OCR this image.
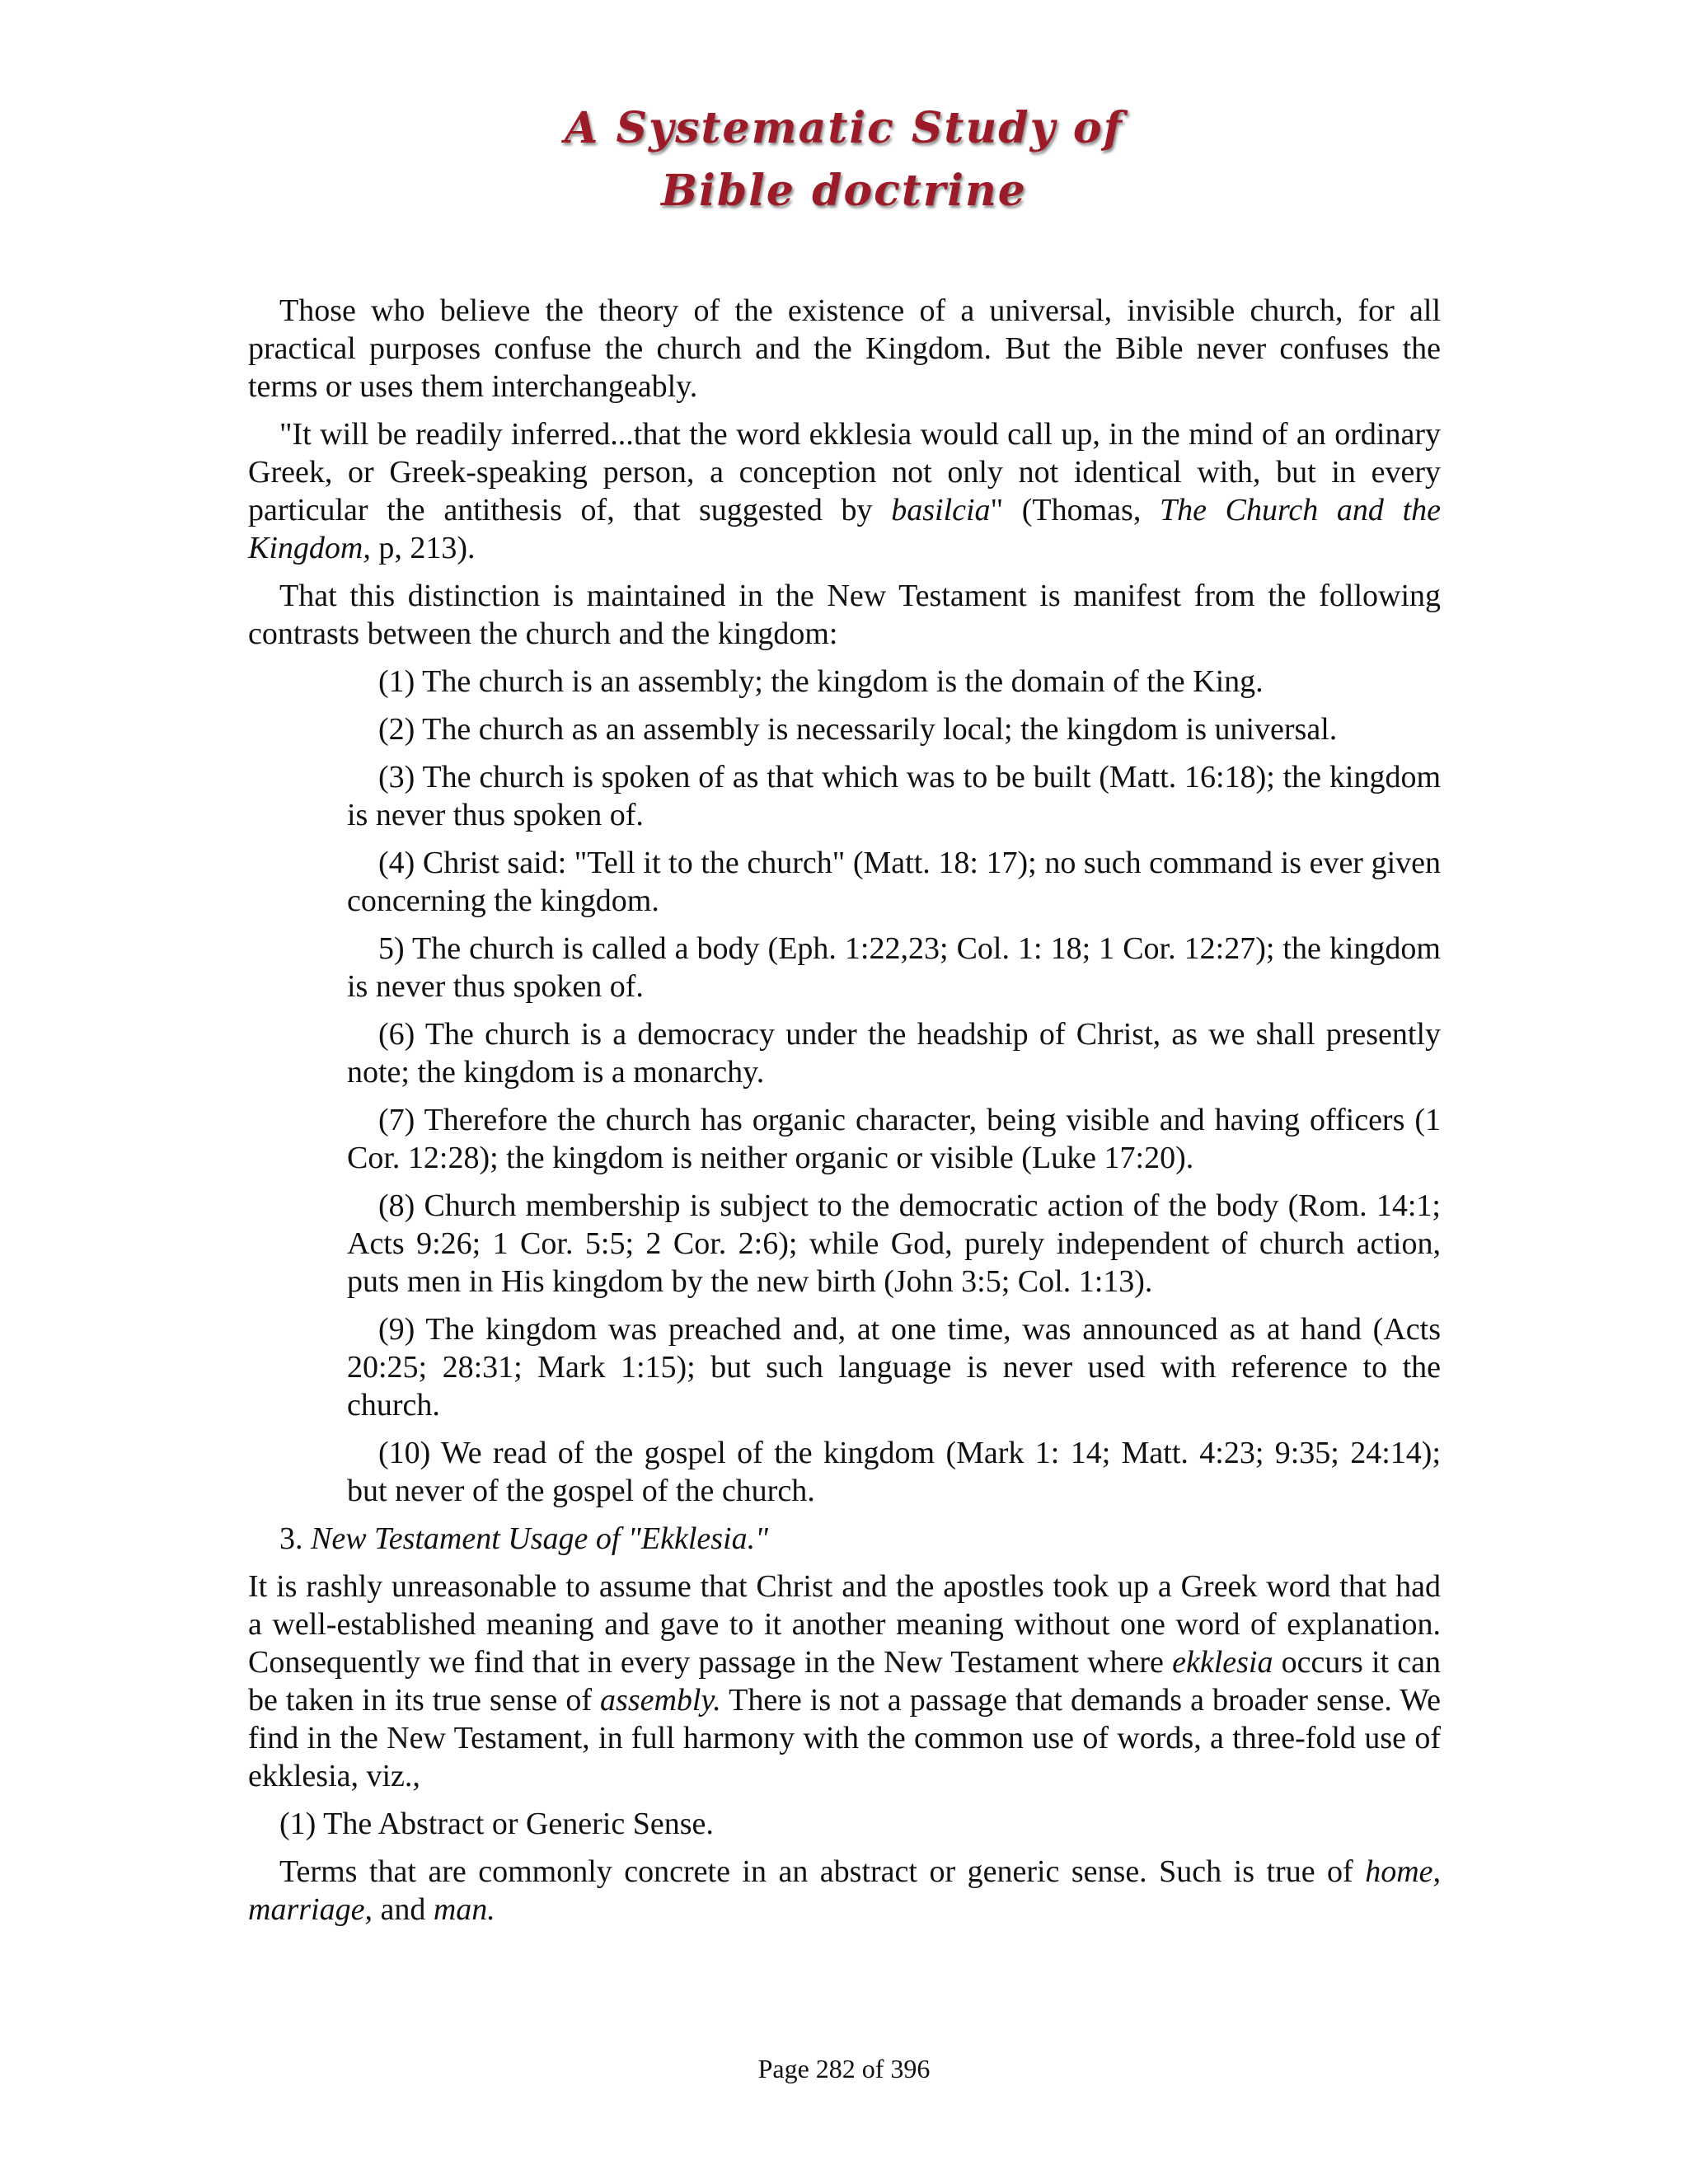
A Systematic Study of
Bible doctrine

Those who believe the theory of the existence of a universal, invisible church, for all practical purposes confuse the church and the Kingdom. But the Bible never confuses the terms or uses them interchangeably.

"It will be readily inferred...that the word ekklesia would call up, in the mind of an ordinary Greek, or Greek-speaking person, a conception not only not identical with, but in every particular the antithesis of, that suggested by basilcia" (Thomas, The Church and the Kingdom, p, 213).

That this distinction is maintained in the New Testament is manifest from the following contrasts between the church and the kingdom:

(1) The church is an assembly; the kingdom is the domain of the King.

(2) The church as an assembly is necessarily local; the kingdom is universal.

(3) The church is spoken of as that which was to be built (Matt. 16:18); the kingdom is never thus spoken of.

(4) Christ said: "Tell it to the church" (Matt. 18: 17); no such command is ever given concerning the kingdom.

5) The church is called a body (Eph. 1:22,23; Col. 1: 18; 1 Cor. 12:27); the kingdom is never thus spoken of.

(6) The church is a democracy under the headship of Christ, as we shall presently note; the kingdom is a monarchy.

(7) Therefore the church has organic character, being visible and having officers (1 Cor. 12:28); the kingdom is neither organic or visible (Luke 17:20).

(8) Church membership is subject to the democratic action of the body (Rom. 14:1; Acts 9:26; 1 Cor. 5:5; 2 Cor. 2:6); while God, purely independent of church action, puts men in His kingdom by the new birth (John 3:5; Col. 1:13).

(9) The kingdom was preached and, at one time, was announced as at hand (Acts 20:25; 28:31; Mark 1:15); but such language is never used with reference to the church.

(10) We read of the gospel of the kingdom (Mark 1: 14; Matt. 4:23; 9:35; 24:14); but never of the gospel of the church.

3. New Testament Usage of "Ekklesia."

It is rashly unreasonable to assume that Christ and the apostles took up a Greek word that had a well-established meaning and gave to it another meaning without one word of explanation. Consequently we find that in every passage in the New Testament where ekklesia occurs it can be taken in its true sense of assembly. There is not a passage that demands a broader sense. We find in the New Testament, in full harmony with the common use of words, a three-fold use of ekklesia, viz.,

(1) The Abstract or Generic Sense.

Terms that are commonly concrete in an abstract or generic sense. Such is true of home, marriage, and man.

Page 282 of 396
